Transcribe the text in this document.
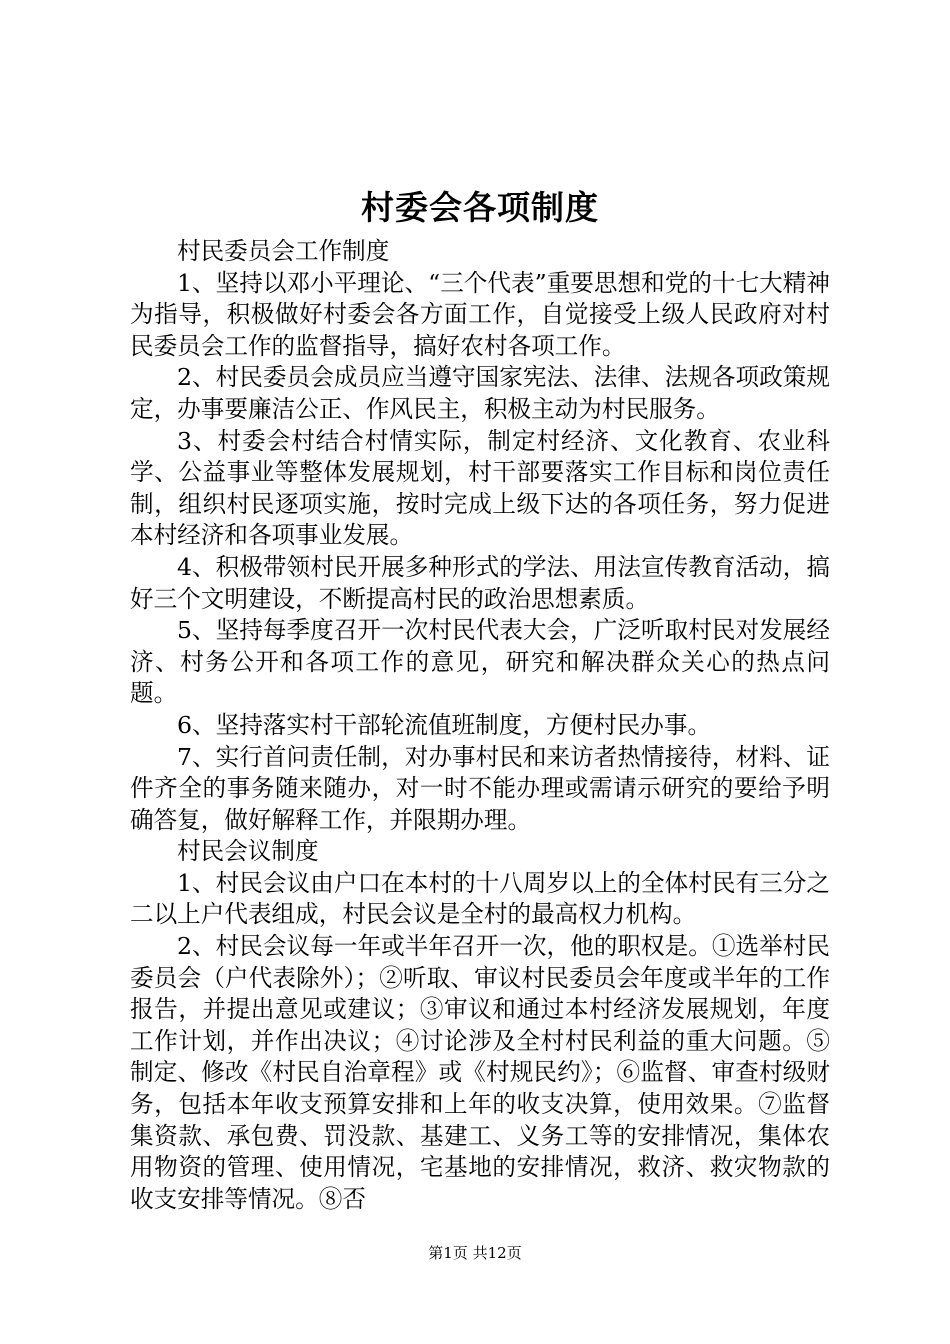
村委会各项制度

村民委员会工作制度

1、坚持以邓小平理论、“三个代表”重要思想和党的十七大精神为指导，积极做好村委会各方面工作，自觉接受上级人民政府对村民委员会工作的监督指导，搞好农村各项工作。

2、村民委员会成员应当遵守国家宪法、法律、法规各项政策规定，办事要廉洁公正、作风民主，积极主动为村民服务。

3、村委会村结合村情实际，制定村经济、文化教育、农业科学、公益事业等整体发展规划，村干部要落实工作目标和岗位责任制，组织村民逐项实施，按时完成上级下达的各项任务，努力促进本村经济和各项事业发展。

4、积极带领村民开展多种形式的学法、用法宣传教育活动，搞好三个文明建设，不断提高村民的政治思想素质。

5、坚持每季度召开一次村民代表大会，广泛听取村民对发展经济、村务公开和各项工作的意见，研究和解决群众关心的热点问题。

6、坚持落实村干部轮流值班制度，方便村民办事。

7、实行首问责任制，对办事村民和来访者热情接待，材料、证件齐全的事务随来随办，对一时不能办理或需请示研究的要给予明确答复，做好解释工作，并限期办理。

村民会议制度

1、村民会议由户口在本村的十八周岁以上的全体村民有三分之二以上户代表组成，村民会议是全村的最高权力机构。

2、村民会议每一年或半年召开一次，他的职权是。①选举村民委员会（户代表除外）；②听取、审议村民委员会年度或半年的工作报告，并提出意见或建议；③审议和通过本村经济发展规划，年度工作计划，并作出决议；④讨论涉及全村村民利益的重大问题。⑤制定、修改《村民自治章程》或《村规民约》；⑥监督、审查村级财务，包括本年收支预算安排和上年的收支决算，使用效果。⑦监督集资款、承包费、罚没款、基建工、义务工等的安排情况，集体农用物资的管理、使用情况，宅基地的安排情况，救济、救灾物款的收支安排等情况。⑧否

第1页 共12页
